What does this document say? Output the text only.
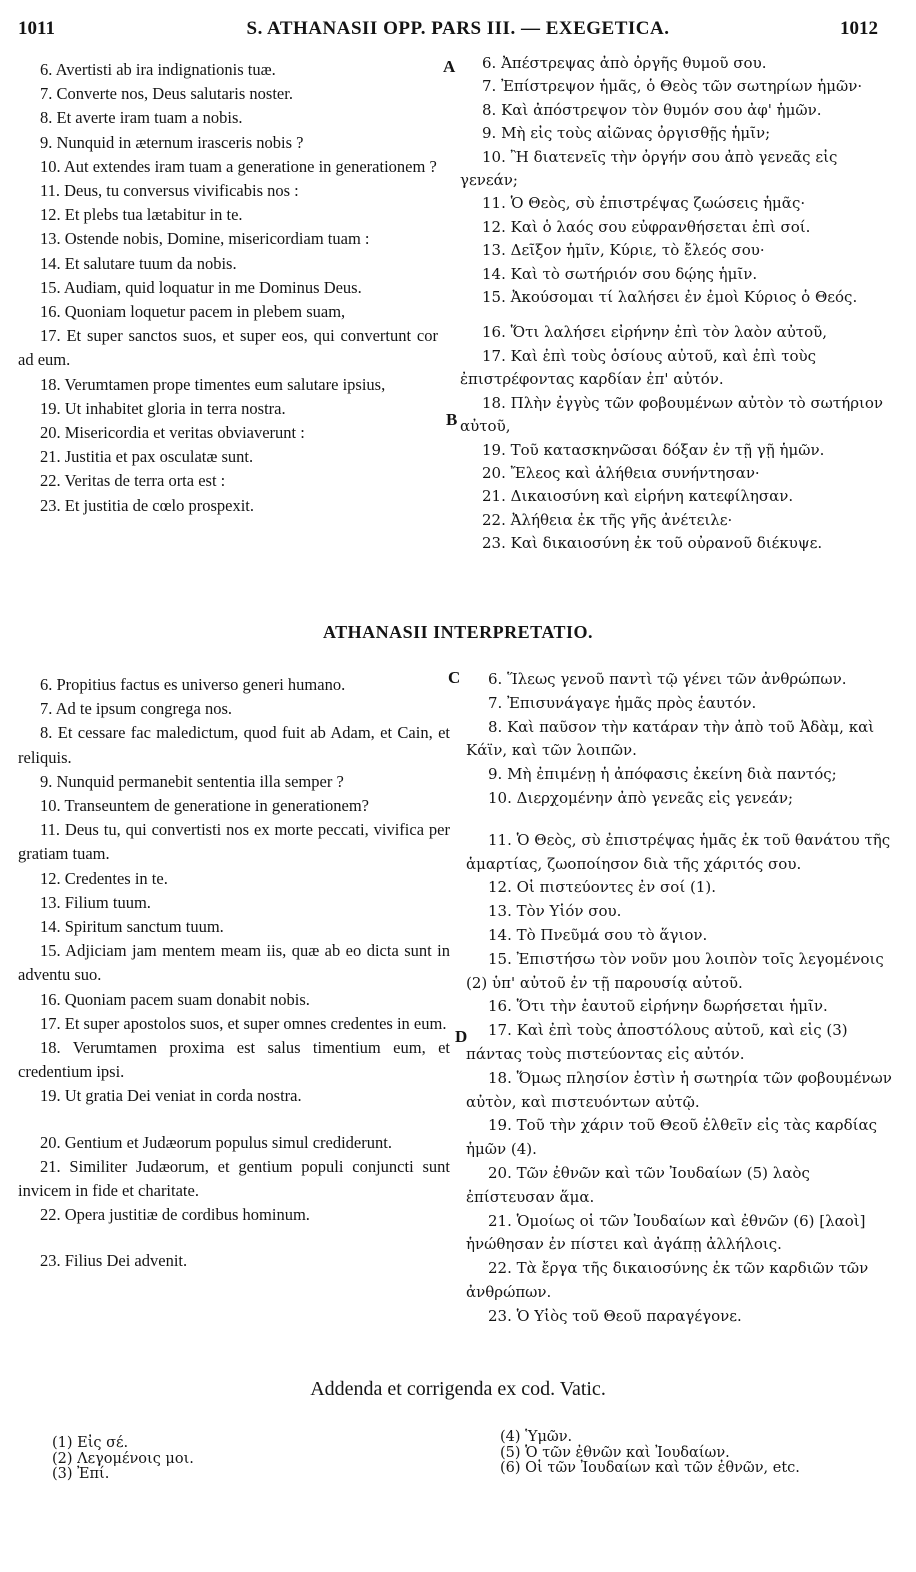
1011	S. ATHANASII OPP. PARS III. — EXEGETICA.	1012
A
B
C
D

6. Avertisti ab ira indignationis tuæ.

7. Converte nos, Deus salutaris noster.

8. Et averte iram tuam a nobis.

9. Nunquid in æternum irasceris nobis ?

10. Aut extendes iram tuam a generatione in generationem ?

11. Deus, tu conversus vivificabis nos :

12. Et plebs tua lætabitur in te.

13. Ostende nobis, Domine, misericordiam tuam :

14. Et salutare tuum da nobis.

15. Audiam, quid loquatur in me Dominus Deus.

16. Quoniam loquetur pacem in plebem suam,

17. Et super sanctos suos, et super eos, qui convertunt cor ad eum.

18. Verumtamen prope timentes eum salutare ipsius,

19. Ut inhabitet gloria in terra nostra.

20. Misericordia et veritas obviaverunt :

21. Justitia et pax osculatæ sunt.

22. Veritas de terra orta est :

23. Et justitia de cœlo prospexit.

6. Ἀπέστρεψας ἀπὸ ὀργῆς θυμοῦ σου.

7. Ἐπίστρεψον ἡμᾶς, ὁ Θεὸς τῶν σωτηρίων ἡμῶν·

8. Καὶ ἀπόστρεψον τὸν θυμόν σου ἀφ' ἡμῶν.

9. Μὴ εἰς τοὺς αἰῶνας ὀργισθῇς ἡμῖν;

10. Ἢ διατενεῖς τὴν ὀργήν σου ἀπὸ γενεᾶς εἰς γενεάν;

11. Ὁ Θεὸς, σὺ ἐπιστρέψας ζωώσεις ἡμᾶς·

12. Καὶ ὁ λαός σου εὐφρανθήσεται ἐπὶ σοί.

13. Δεῖξον ἡμῖν, Κύριε, τὸ ἔλεός σου·

14. Καὶ τὸ σωτήριόν σου δῴης ἡμῖν.

15. Ἀκούσομαι τί λαλήσει ἐν ἐμοὶ Κύριος ὁ Θεός.

16. Ὅτι λαλήσει εἰρήνην ἐπὶ τὸν λαὸν αὐτοῦ,

17. Καὶ ἐπὶ τοὺς ὁσίους αὐτοῦ, καὶ ἐπὶ τοὺς ἐπιστρέφοντας καρδίαν ἐπ' αὐτόν.

18. Πλὴν ἐγγὺς τῶν φοβουμένων αὐτὸν τὸ σωτήριον αὐτοῦ,

19. Τοῦ κατασκηνῶσαι δόξαν ἐν τῇ γῇ ἡμῶν.

20. Ἔλεος καὶ ἀλήθεια συνήντησαν·

21. Δικαιοσύνη καὶ εἰρήνη κατεφίλησαν.

22. Ἀλήθεια ἐκ τῆς γῆς ἀνέτειλε·

23. Καὶ δικαιοσύνη ἐκ τοῦ οὐρανοῦ διέκυψε.

ATHANASII INTERPRETATIO.

6. Propitius factus es universo generi humano.

7. Ad te ipsum congrega nos.

8. Et cessare fac maledictum, quod fuit ab Adam, et Cain, et reliquis.

9. Nunquid permanebit sententia illa semper ?

10. Transeuntem de generatione in generationem?

11. Deus tu, qui convertisti nos ex morte peccati, vivifica per gratiam tuam.

12. Credentes in te.

13. Filium tuum.

14. Spiritum sanctum tuum.

15. Adjiciam jam mentem meam iis, quæ ab eo dicta sunt in adventu suo.

16. Quoniam pacem suam donabit nobis.

17. Et super apostolos suos, et super omnes credentes in eum.

18. Verumtamen proxima est salus timentium eum, et credentium ipsi.

19. Ut gratia Dei veniat in corda nostra.

20. Gentium et Judæorum populus simul crediderunt.

21. Similiter Judæorum, et gentium populi conjuncti sunt invicem in fide et charitate.

22. Opera justitiæ de cordibus hominum.

23. Filius Dei advenit.

6. Ἵλεως γενοῦ παντὶ τῷ γένει τῶν ἀνθρώπων.

7. Ἐπισυνάγαγε ἡμᾶς πρὸς ἑαυτόν.

8. Καὶ παῦσον τὴν κατάραν τὴν ἀπὸ τοῦ Ἀδὰμ, καὶ Κάϊν, καὶ τῶν λοιπῶν.

9. Μὴ ἐπιμένῃ ἡ ἀπόφασις ἐκείνη διὰ παντός;

10. Διερχομένην ἀπὸ γενεᾶς εἰς γενεάν;

11. Ὁ Θεὸς, σὺ ἐπιστρέψας ἡμᾶς ἐκ τοῦ θανάτου τῆς ἁμαρτίας, ζωοποίησον διὰ τῆς χάριτός σου.

12. Οἱ πιστεύοντες ἐν σοί (1).

13. Τὸν Υἱόν σου.

14. Τὸ Πνεῦμά σου τὸ ἅγιον.

15. Ἐπιστήσω τὸν νοῦν μου λοιπὸν τοῖς λεγομένοις (2) ὑπ' αὐτοῦ ἐν τῇ παρουσίᾳ αὐτοῦ.

16. Ὅτι τὴν ἑαυτοῦ εἰρήνην δωρήσεται ἡμῖν.

17. Καὶ ἐπὶ τοὺς ἀποστόλους αὐτοῦ, καὶ εἰς (3) πάντας τοὺς πιστεύοντας εἰς αὐτόν.

18. Ὅμως πλησίον ἐστὶν ἡ σωτηρία τῶν φοβουμένων αὐτὸν, καὶ πιστευόντων αὐτῷ.

19. Τοῦ τὴν χάριν τοῦ Θεοῦ ἐλθεῖν εἰς τὰς καρδίας ἡμῶν (4).

20. Τῶν ἐθνῶν καὶ τῶν Ἰουδαίων (5) λαὸς ἐπίστευσαν ἅμα.

21. Ὁμοίως οἱ τῶν Ἰουδαίων καὶ ἐθνῶν (6) [λαοὶ] ἡνώθησαν ἐν πίστει καὶ ἀγάπῃ ἀλλήλοις.

22. Τὰ ἔργα τῆς δικαιοσύνης ἐκ τῶν καρδιῶν τῶν ἀνθρώπων.

23. Ὁ Υἱὸς τοῦ Θεοῦ παραγέγονε.

Addenda et corrigenda ex cod. Vatic.
(1) Εἰς σέ.
(2) Λεγομένοις μοι.
(3) Ἐπί.
(4) Ὑμῶν.
(5) Ὁ τῶν ἐθνῶν καὶ Ἰουδαίων.
(6) Οἱ τῶν Ἰουδαίων καὶ τῶν ἐθνῶν, etc.
